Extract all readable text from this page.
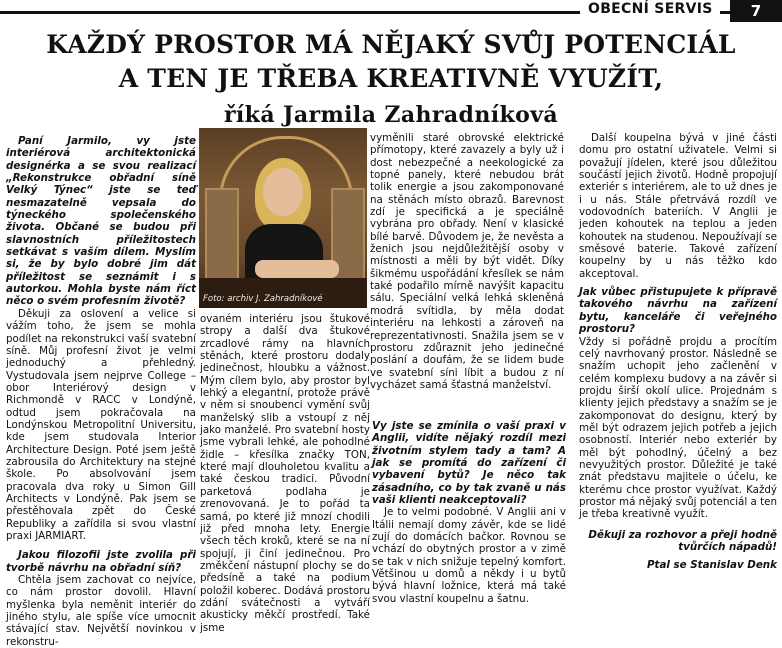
OBECNÍ SERVIS	7
KAŽDÝ PROSTOR MÁ NĚJAKÝ SVŮJ POTENCIÁL
A TEN JE TŘEBA KREATIVNĚ VYUŽÍT,
říká Jarmila Zahradníková

Paní Jarmilo, vy jste interiérová architektonická designérka a se svou realizací „Rekonstrukce obřadní síně Velký Týnec“ jste se teď nesmazatelně vepsala do týneckého společenského života. Občané se budou při slavnostních příležitostech setkávat s vaším dílem. Myslím si, že by bylo dobré jim dát příležitost se seznámit i s autorkou. Mohla byste nám říct něco o svém profesním životě?

Děkuji za oslovení a velice si vážím toho, že jsem se mohla podílet na rekonstrukci vaší svatební síně. Můj profesní život je velmi jednoduchý a přehledný. Vystudovala jsem nejprve College – obor Interiérový design v Richmondě v RACC v Londýně, odtud jsem pokračovala na Londýnskou Metropolitní Universitu, kde jsem studovala Interior Architecture Design. Poté jsem ještě zabrousila do Architektury na stejné škole. Po absolvování jsem pracovala dva roky u Simon Gill Architects v Londýně. Pak jsem se přestěhovala zpět do České Republiky a zařídila si svou vlastní praxi JARMIART.

Jakou filozofii jste zvolila při tvorbě návrhu na obřadní síň?

Chtěla jsem zachovat co nejvíce, co nám prostor dovolil. Hlavní myšlenka byla neměnit interiér do jiného stylu, ale spíše více umocnit stávající stav. Největší novinkou v rekonstru-

Foto: archiv J. Zahradníkové

vyměnili staré obrovské elektrické přímotopy, které zavazely a byly už i dost nebezpečné a neekologické za topné panely, které nebudou brát tolik energie a jsou zakomponované na stěnách místo obrazů. Barevnost zdí je specifická a je speciálně vybrána pro obřady. Není v klasické bílé barvě. Důvodem je, že nevěsta a ženich jsou nejdůležitější osoby v místnosti a měli by být vidět. Díky šikmému uspořádání křesílek se nám také podařilo mírně navýšit kapacitu sálu. Speciální velká lehká skleněná modrá svítidla, by měla dodat interiéru na lehkosti a zároveň na reprezentativnosti. Snažila jsem se v prostoru zdůraznit jeho jedinečné poslání a doufám, že se lidem bude ve svatební síni líbit a budou z ní vycházet samá šťastná manželství.

ovaném interiéru jsou štukové stropy a další dva štukové zrcadlové rámy na hlavních stěnách, které prostoru dodaly jedinečnost, hloubku a vážnost. Mým cílem bylo, aby prostor byl lehký a elegantní, protože právě v něm si snoubenci vymění svůj manželský slib a vstoupí z něj jako manželé. Pro svatební hosty jsme vybrali lehké, ale pohodlné židle – křesílka značky TON, které mají dlouholetou kvalitu a také českou tradici. Původní parketová podlaha je zrenovovaná. Je to pořád ta samá, po které již mnozí chodili již před mnoha lety. Energie všech těch kroků, které se na ní spojují, ji činí jedinečnou. Pro změkčení nástupní plochy se do předsíně a také na podium položil koberec. Dodává prostoru zdání svátečnosti a vytváří akusticky měkčí prostředí. Také jsme

Vy jste se zmínila o vaší praxi v Anglii, vidíte nějaký rozdíl mezi životním stylem tady a tam? A jak se promítá do zařízení či vybavení bytů? Je něco tak zásadního, co by tak zvaně u nás vaši klienti neakceptovali?

Je to velmi podobné. V Anglii ani v Itálii nemají domy závěr, kde se lidé zují do domácích bačkor. Rovnou se vchází do obytných prostor a v zimě se tak v nich snižuje tepelný komfort. Většinou u domů a někdy i u bytů bývá hlavní ložnice, která má také svou vlastní koupelnu a šatnu.

Další koupelna bývá v jiné části domu pro ostatní uživatele. Velmi si považují jídelen, které jsou důležitou součástí jejich životů. Hodně propojují exteriér s interiérem, ale to už dnes je i u nás. Stále přetrvává rozdíl ve vodovodních bateriích. V Anglii je jeden kohoutek na teplou a jeden kohoutek na studenou. Nepoužívají se směsové baterie. Takové zařízení koupelny by u nás těžko kdo akceptoval.

Jak vůbec přistupujete k přípravě takového návrhu na zařízení bytu, kanceláře či veřejného prostoru?

Vždy si pořádně projdu a procítím celý navrhovaný prostor. Následně se snažím uchopit jeho začlenění v celém komplexu budovy a na závěr si projdu širší okolí ulice. Projednám s klienty jejich představy a snažím se je zakomponovat do designu, který by měl být odrazem jejich potřeb a jejich osobností. Interiér nebo exteriér by měl být pohodlný, účelný a bez nevyužitých prostor. Důležité je také znát představu majitele o účelu, ke kterému chce prostor využívat. Každý prostor má nějaký svůj potenciál a ten je třeba kreativně využít.

Děkuji za rozhovor a přeji hodně tvůrčích nápadů!

Ptal se Stanislav Denk
